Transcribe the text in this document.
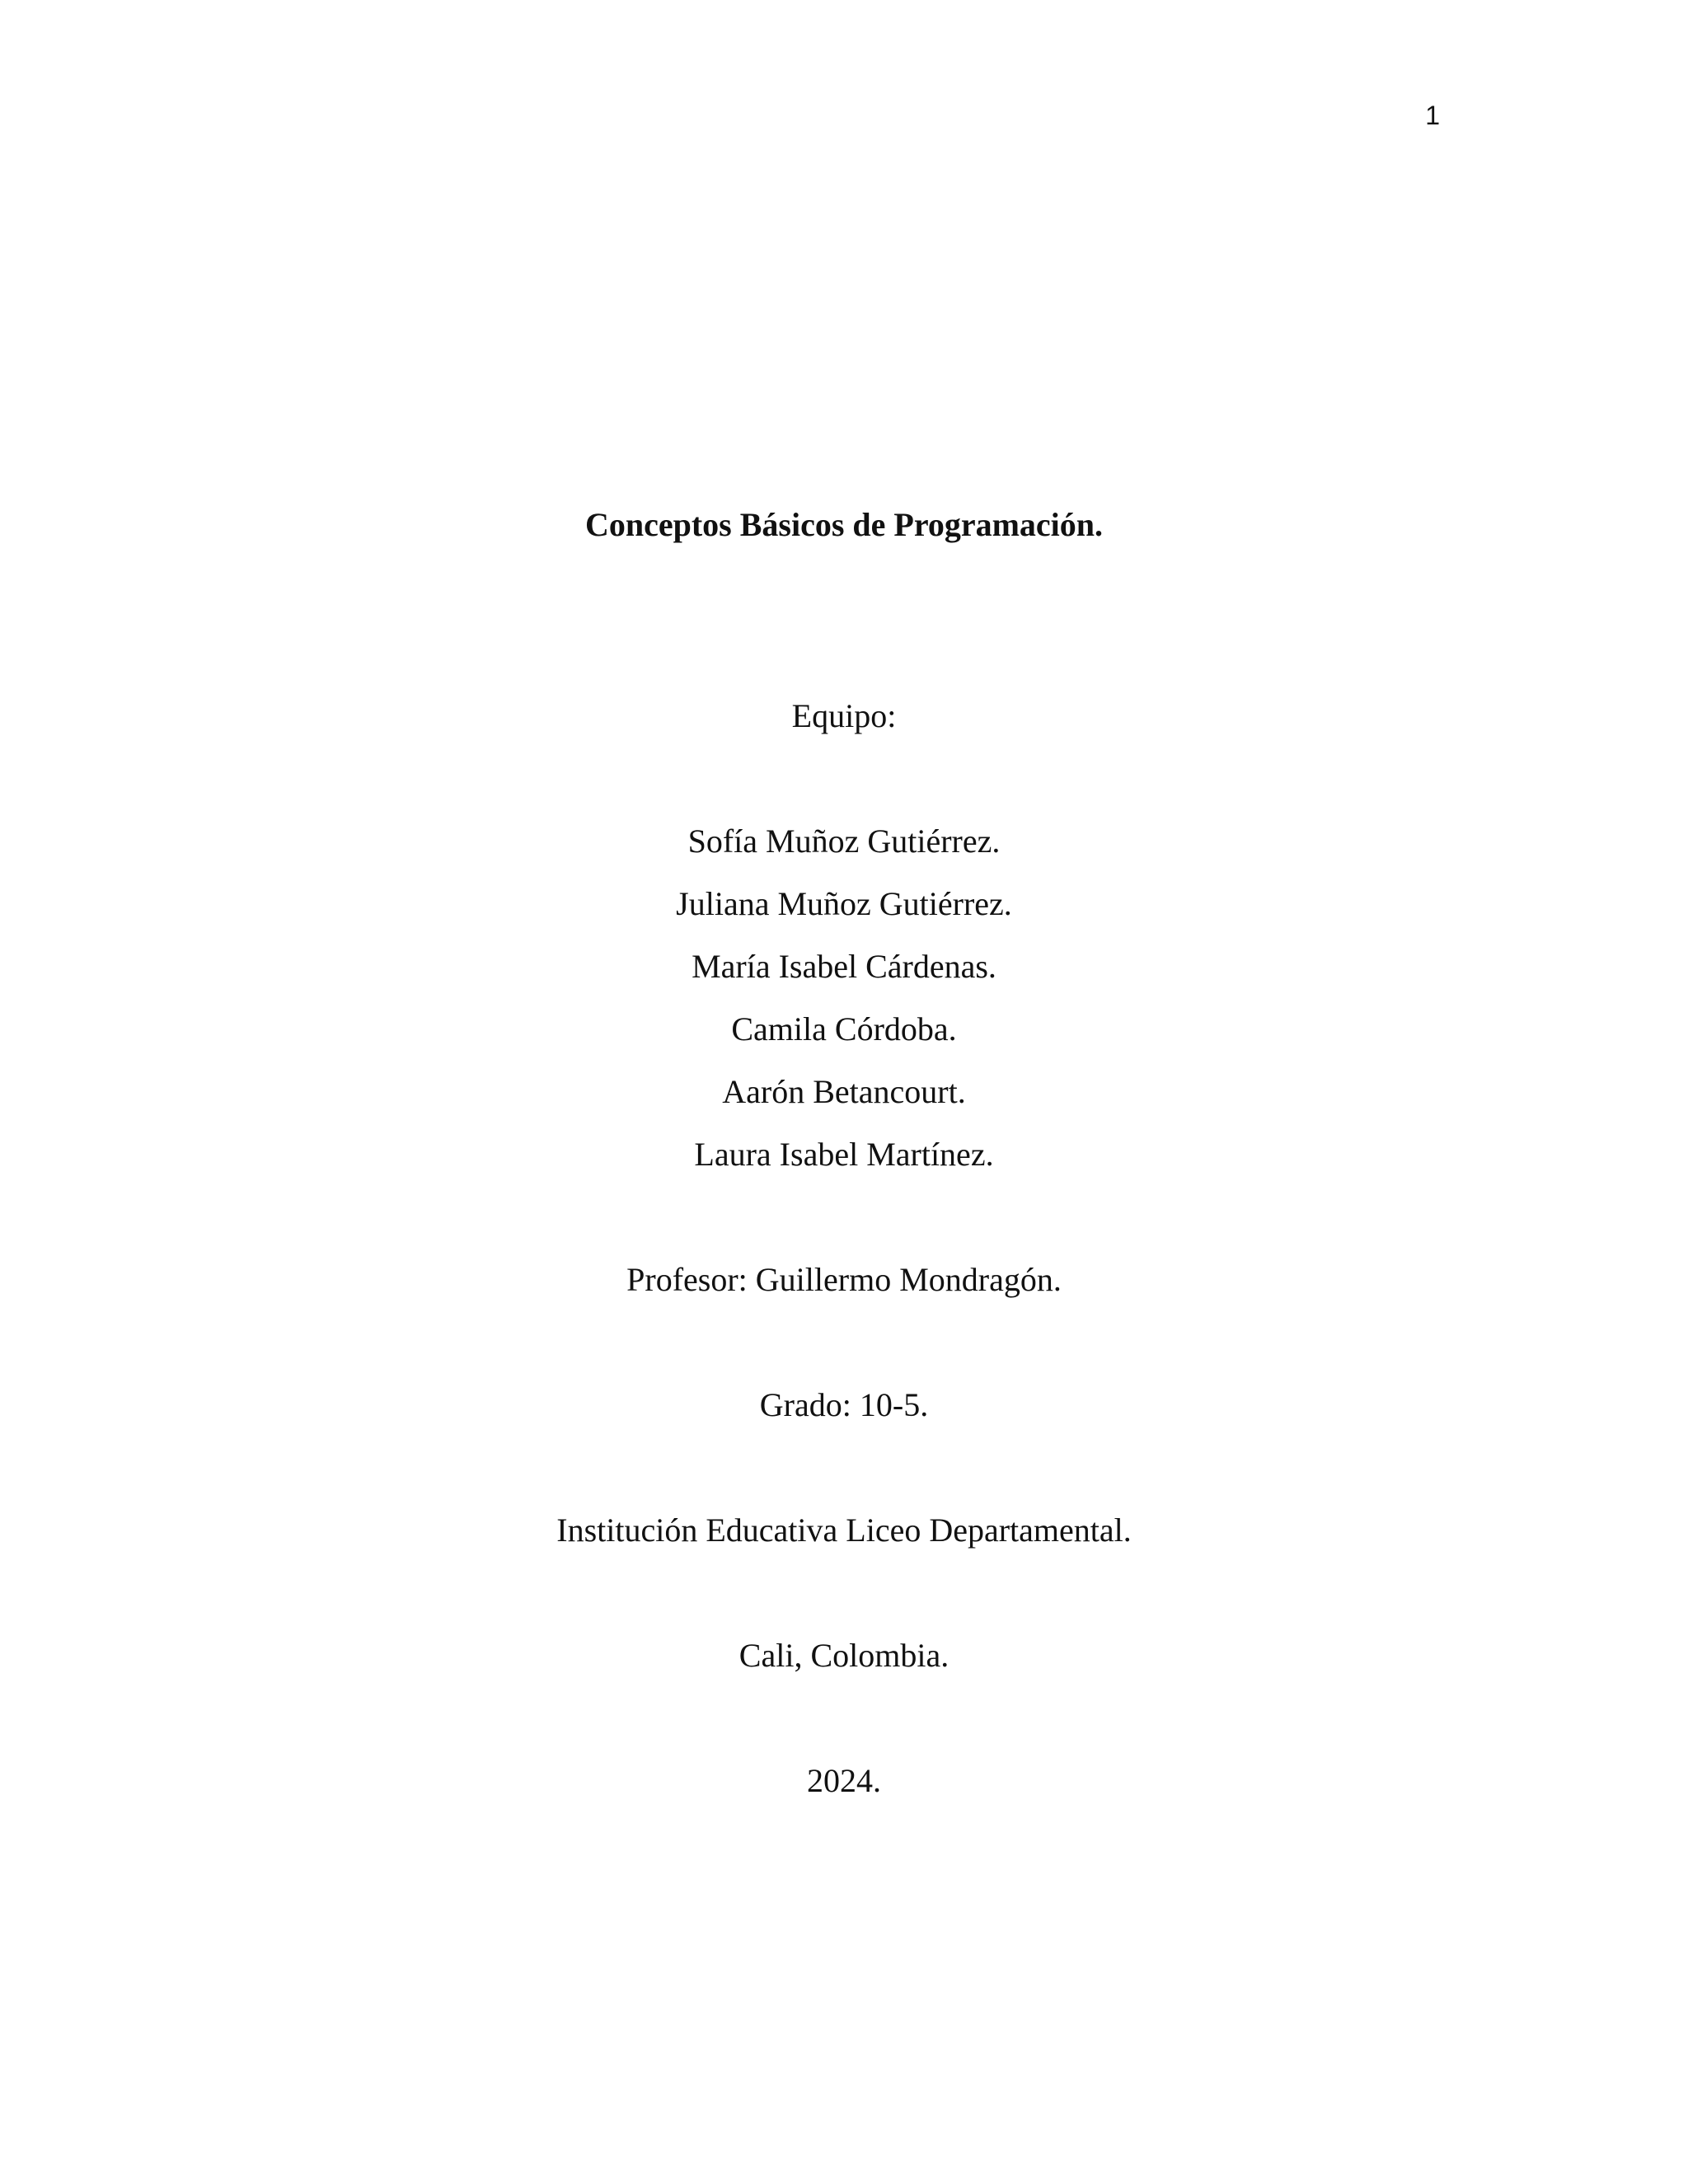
1
Conceptos Básicos de Programación.
Equipo:
Sofía Muñoz Gutiérrez.
Juliana Muñoz Gutiérrez.
María Isabel Cárdenas.
Camila Córdoba.
Aarón Betancourt.
Laura Isabel Martínez.
Profesor: Guillermo Mondragón.
Grado: 10-5.
Institución Educativa Liceo Departamental.
Cali, Colombia.
2024.
